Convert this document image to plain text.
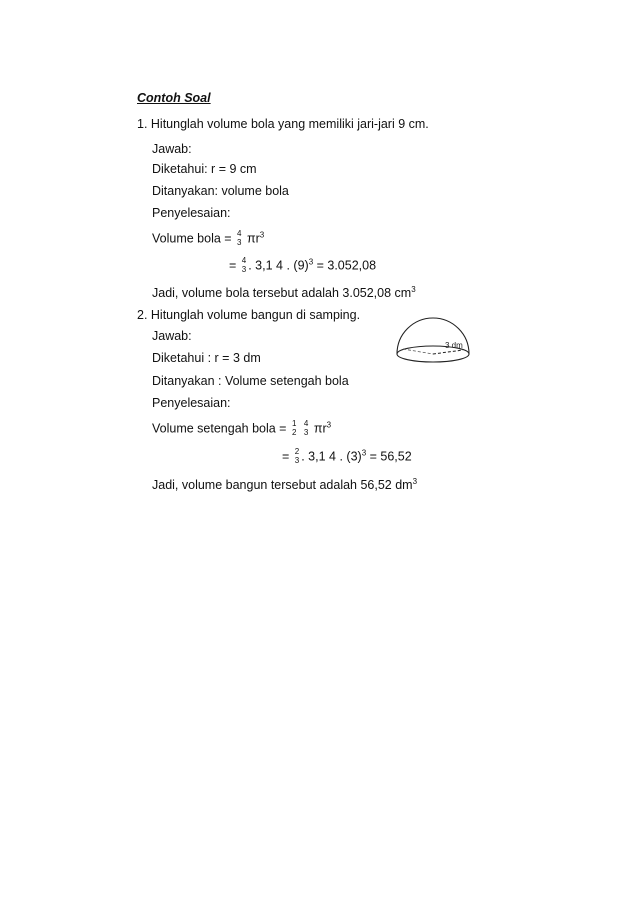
Contoh Soal
1. Hitunglah volume bola yang memiliki jari-jari 9 cm.
Jawab:
Diketahui: r = 9 cm
Ditanyakan: volume bola
Penyelesaian:
Volume bola = 4
3 $\pi r^3$
= 4
3 . 3,1 4 . $(9)^3 = 3.052,08$
Jadi, volume bola tersebut adalah 3.052,08 $cm^3$
2. Hitunglah volume bangun di samping.
Jawab:
Diketahui : r = 3 dm
Ditanyakan : Volume setengah bola
Penyelesaian:
Volume setengah bola = 1
2

4
3 $\pi r^3$
= 2
3 . 3,1 4 . $(3)^3 = 56,52$
Jadi, volume bangun tersebut adalah 56,52 $dm^3$
3 dm
